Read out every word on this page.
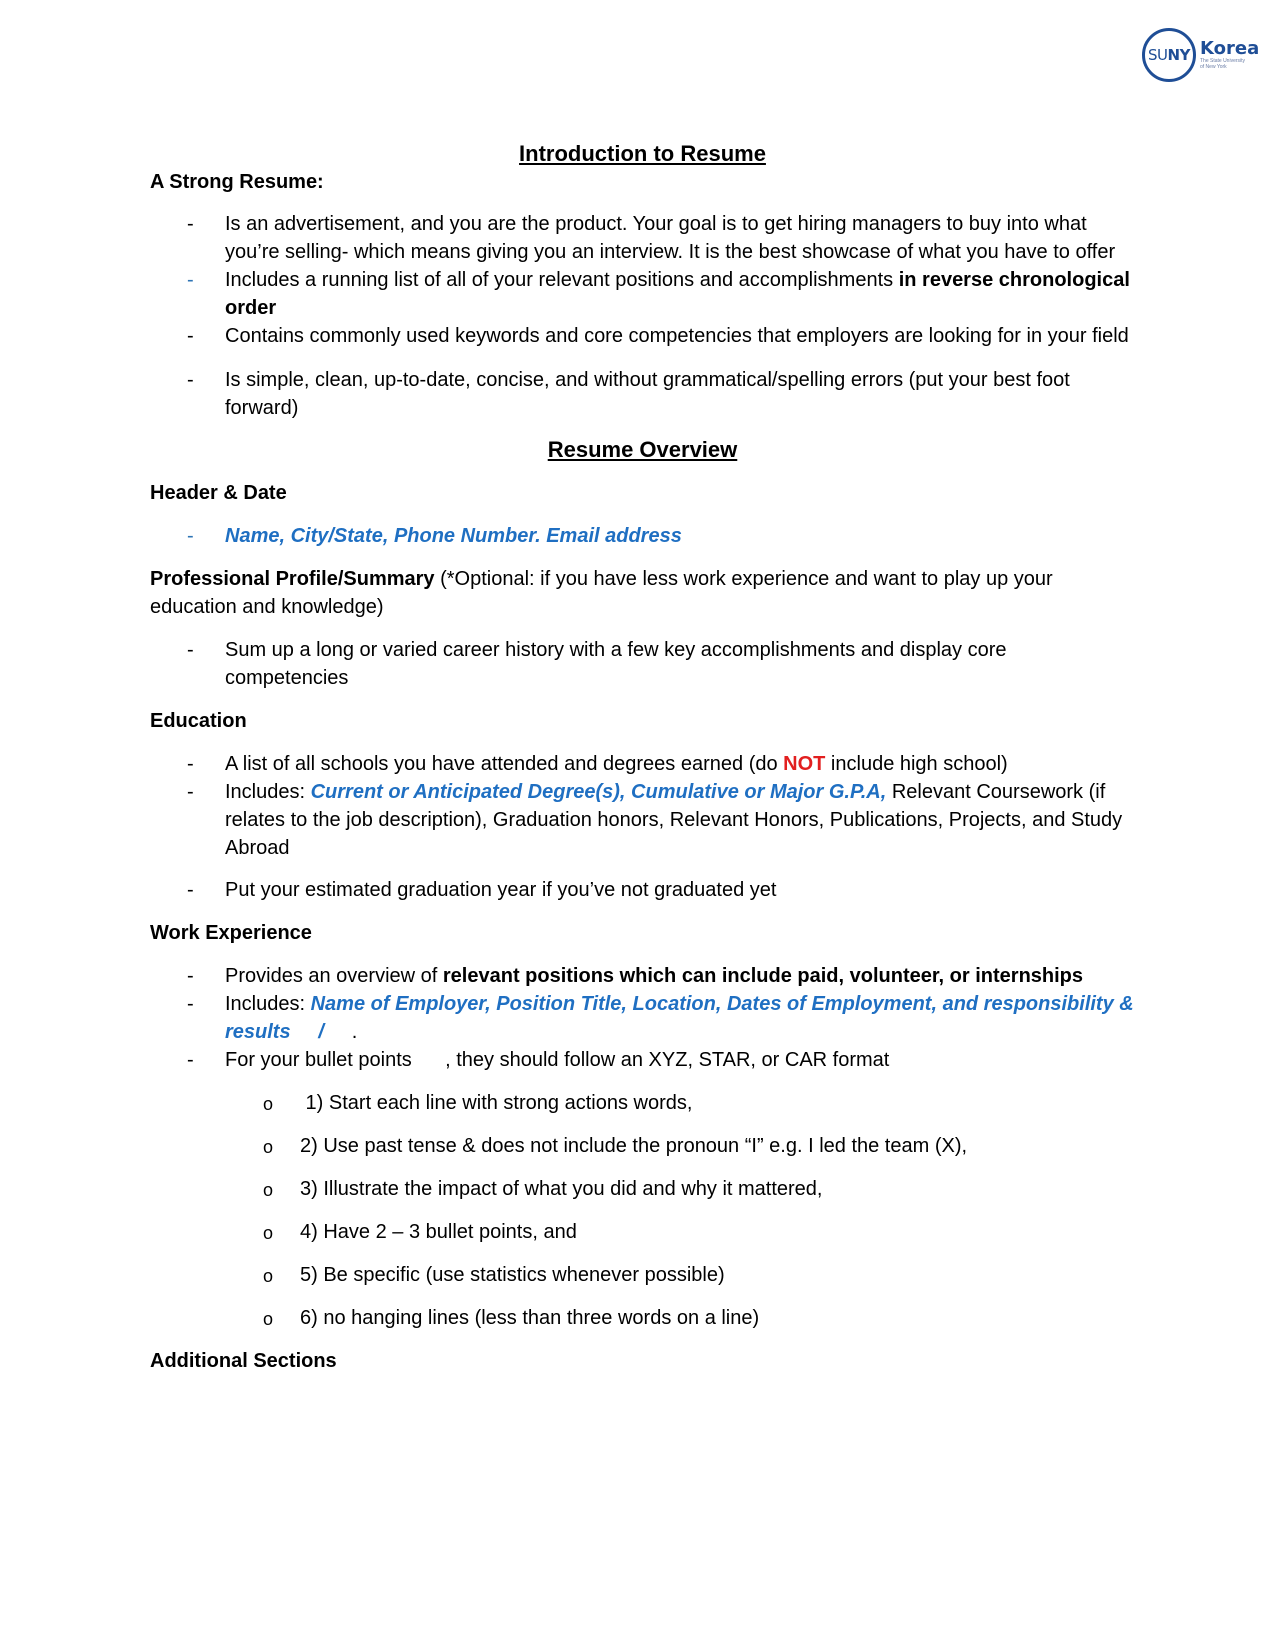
SU NY Korea
The State University
of New York

Introduction to Resume

A Strong Resume:

- Is an advertisement, and you are the product. Your goal is to get hiring managers to buy into what you’re selling- which means giving you an interview. It is the best showcase of what you have to offer
- Includes a running list of all of your relevant positions and accomplishments in reverse chronological order
- Contains commonly used keywords and core competencies that employers are looking for in your field
- Is simple, clean, up-to-date, concise, and without grammatical/spelling errors (put your best foot forward)

Resume Overview

Header & Date

- Name, City/State, Phone Number. Email address

Professional Profile/Summary (*Optional: if you have less work experience and want to play up your education and knowledge)

- Sum up a long or varied career history with a few key accomplishments and display core competencies

Education

- A list of all schools you have attended and degrees earned (do NOT include high school)
- Includes: Current or Anticipated Degree(s), Cumulative or Major G.P.A, Relevant Coursework (if relates to the job description), Graduation honors, Relevant Honors, Publications, Projects, and Study Abroad
- Put your estimated graduation year if you’ve not graduated yet

Work Experience

- Provides an overview of relevant positions which can include paid, volunteer, or internships
- Includes: Name of Employer, Position Title, Location, Dates of Employment, and responsibility & results     /     .
- For your bullet points      , they should follow an XYZ, STAR, or CAR format
o 1) Start each line with strong actions words,
o 2) Use past tense & does not include the pronoun “I” e.g. I led the team (X),
o 3) Illustrate the impact of what you did and why it mattered,
o 4) Have 2 – 3 bullet points, and
o 5) Be specific (use statistics whenever possible)
o 6) no hanging lines (less than three words on a line)

Additional Sections
